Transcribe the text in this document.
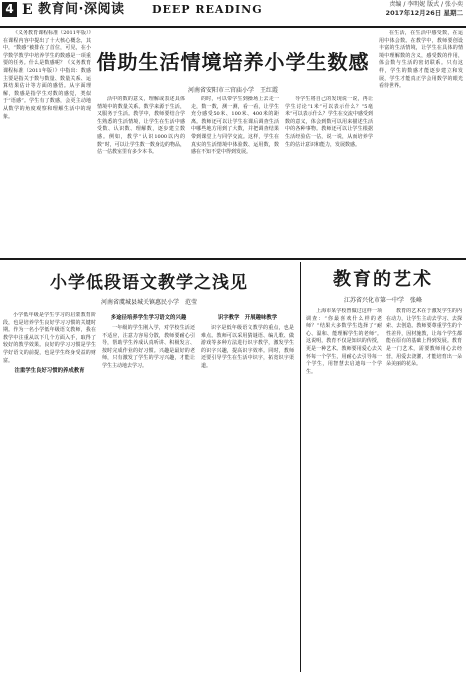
4 E 教育间·深阅读	DEEP READING	责编 / 李明妮 版式 / 张小奕
2017年12月26日 星期二

《义务教育课程标准（2011年版）》在课程内容中提出了十大核心概念，其中，“数感”被排在了首位，可见，在小学数学教学中培养学生的数感是一项重要的任务。什么是数感呢？《义务教育课程标准（2011年版）》中指出：数感主要是指关于数与数量、数量关系、运算结果估计等方面的感悟。从字面理解，数感是指学生对数的感觉，类似于“语感”。学生有了数感，会更主动地从数学的角度观察和理解生活中的现象。

借助生活情境培养小学生数感
河南省安阳市三官庙小学　王红霞

活中的数的意义，理解或表述具体情境中的数量关系。数学来源于生活，又服务于生活。教学中，教师要结合学生熟悉的生活情境，让学生在生活中感受数、认识数、理解数，逐步建立数感。例如，教学“认识1000以内的数”时，可以让学生数一数身边的物品，估一估教室里有多少本书。

的时，可以带学生到操场上去走一走，数一数，测一测，看一看，让学生充分感受50米、100米、400米的距离。教师还可以让学生在课后调查生活中哪些地方用到了大数，并把调查结果带到课堂上与同学交流。这样，学生在真实的生活情境中体验数、运用数，数感在不知不觉中得到发展。

导学生将自己的发现说一说，再让学生讨论“1米”可以表示什么？“5毫米”可以表示什么？学生在交流中感受到数的意义，体会到数可以用来描述生活中的各种事物。教师还可以让学生根据生活经验估一估，说一说，从而培养学生的估计意识和能力，发展数感。

在生活，在生活中感受数，在运用中体会数。在教学中，教师要创设丰富的生活情境，让学生在具体的情境中理解数的含义，感受数的作用，体会数与生活的密切联系。只有这样，学生的数感才能逐步建立和发展，学生才能真正学会用数学的眼光看待世界。

小学低段语文教学之浅见
河南省虞城县城关镇惠民小学　范莹

小学低年级是学生学习的启蒙教育阶段，也是培养学生良好学习习惯的关键时期。作为一名小学低年级语文教师，我在教学中注重从以下几个方面入手，取得了较好的教学效果。良好的学习习惯是学生学好语文的前提，也是学生终身受益的财富。

注重学生良好习惯的养成教育

多途径培养学生学习语文的兴趣

一年级的学生刚入学，对学校生活还不适应，注意力容易分散，教师要耐心引导，帮助学生养成认真听讲、积极发言、按时完成作业的好习惯。兴趣是最好的老师，只有激发了学生的学习兴趣，才能让学生主动地去学习。

识字教学　开展趣味教学

识字是低年级语文教学的重点，也是难点。教师可以采用猜谜语、编儿歌、做游戏等多种方法进行识字教学，激发学生的识字兴趣，提高识字效率。同时，教师还要引导学生在生活中识字，拓宽识字渠道。

教育的艺术
江苏省兴化市第一中学　张峰

上海市某学校曾做过这样一项调查：“你最喜欢什么样的老师？”结果大多数学生选择了“耐心、温和、能理解学生的老师”。这说明，教育不仅是知识的传授，更是一种艺术。教师要用爱心去关怀每一个学生，用耐心去引导每一个学生，用智慧去启迪每一个学生。

教育的艺术在于激发学生的内在动力，让学生主动去学习、去探索、去创造。教师要尊重学生的个性差异，因材施教，让每个学生都能在原有的基础上得到发展。教育是一门艺术，需要教师用心去经营，用爱去浇灌，才能培育出一朵朵美丽的花朵。
